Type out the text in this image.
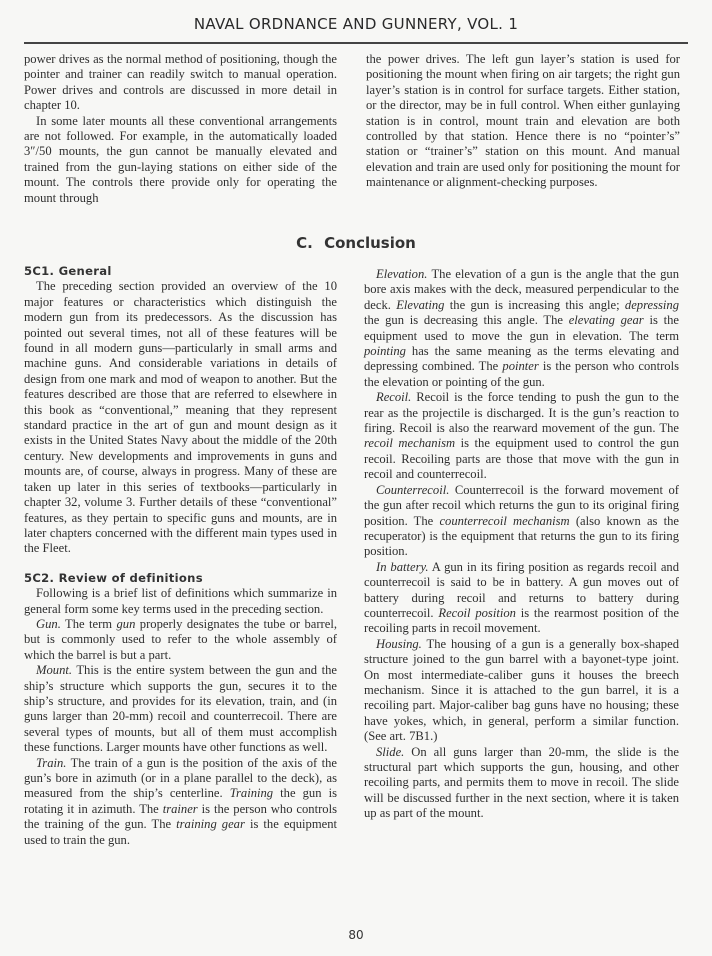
NAVAL ORDNANCE AND GUNNERY, VOL. 1

power drives as the normal method of positioning, though the pointer and trainer can readily switch to manual operation. Power drives and controls are discussed in more detail in chapter 10.

In some later mounts all these conventional arrangements are not followed. For example, in the automatically loaded 3″/50 mounts, the gun cannot be manually elevated and trained from the gun-laying stations on either side of the mount. The controls there provide only for operating the mount through

the power drives. The left gun layer’s station is used for positioning the mount when firing on air targets; the right gun layer’s station is in control for surface targets. Either station, or the director, may be in full control. When either gunlaying station is in control, mount train and elevation are both controlled by that station. Hence there is no “pointer’s” station or “trainer’s” station on this mount. And manual elevation and train are used only for positioning the mount for maintenance or alignment-checking purposes.

C. Conclusion

5C1. General

The preceding section provided an overview of the 10 major features or characteristics which distinguish the modern gun from its predecessors. As the discussion has pointed out several times, not all of these features will be found in all modern guns—particularly in small arms and machine guns. And considerable variations in details of design from one mark and mod of weapon to another. But the features described are those that are referred to elsewhere in this book as “conventional,” meaning that they represent standard practice in the art of gun and mount design as it exists in the United States Navy about the middle of the 20th century. New developments and improvements in guns and mounts are, of course, always in progress. Many of these are taken up later in this series of textbooks—particularly in chapter 32, volume 3. Further details of these “conventional” features, as they pertain to specific guns and mounts, are in later chapters concerned with the different main types used in the Fleet.

5C2. Review of definitions

Following is a brief list of definitions which summarize in general form some key terms used in the preceding section.

Gun. The term gun properly designates the tube or barrel, but is commonly used to refer to the whole assembly of which the barrel is but a part.

Mount. This is the entire system between the gun and the ship’s structure which supports the gun, secures it to the ship’s structure, and provides for its elevation, train, and (in guns larger than 20-mm) recoil and counterrecoil. There are several types of mounts, but all of them must accomplish these functions. Larger mounts have other functions as well.

Train. The train of a gun is the position of the axis of the gun’s bore in azimuth (or in a plane parallel to the deck), as measured from the ship’s centerline. Training the gun is rotating it in azimuth. The trainer is the person who controls the training of the gun. The training gear is the equipment used to train the gun.

Elevation. The elevation of a gun is the angle that the gun bore axis makes with the deck, measured perpendicular to the deck. Elevating the gun is increasing this angle; depressing the gun is decreasing this angle. The elevating gear is the equipment used to move the gun in elevation. The term pointing has the same meaning as the terms elevating and depressing combined. The pointer is the person who controls the elevation or pointing of the gun.

Recoil. Recoil is the force tending to push the gun to the rear as the projectile is discharged. It is the gun’s reaction to firing. Recoil is also the rearward movement of the gun. The recoil mechanism is the equipment used to control the gun recoil. Recoiling parts are those that move with the gun in recoil and counterrecoil.

Counterrecoil. Counterrecoil is the forward movement of the gun after recoil which returns the gun to its original firing position. The counterrecoil mechanism (also known as the recuperator) is the equipment that returns the gun to its firing position.

In battery. A gun in its firing position as regards recoil and counterrecoil is said to be in battery. A gun moves out of battery during recoil and returns to battery during counterrecoil. Recoil position is the rearmost position of the recoiling parts in recoil movement.

Housing. The housing of a gun is a generally box-shaped structure joined to the gun barrel with a bayonet-type joint. On most intermediate-caliber guns it houses the breech mechanism. Since it is attached to the gun barrel, it is a recoiling part. Major-caliber bag guns have no housing; these have yokes, which, in general, perform a similar function. (See art. 7B1.)

Slide. On all guns larger than 20-mm, the slide is the structural part which supports the gun, housing, and other recoiling parts, and permits them to move in recoil. The slide will be discussed further in the next section, where it is taken up as part of the mount.

80
